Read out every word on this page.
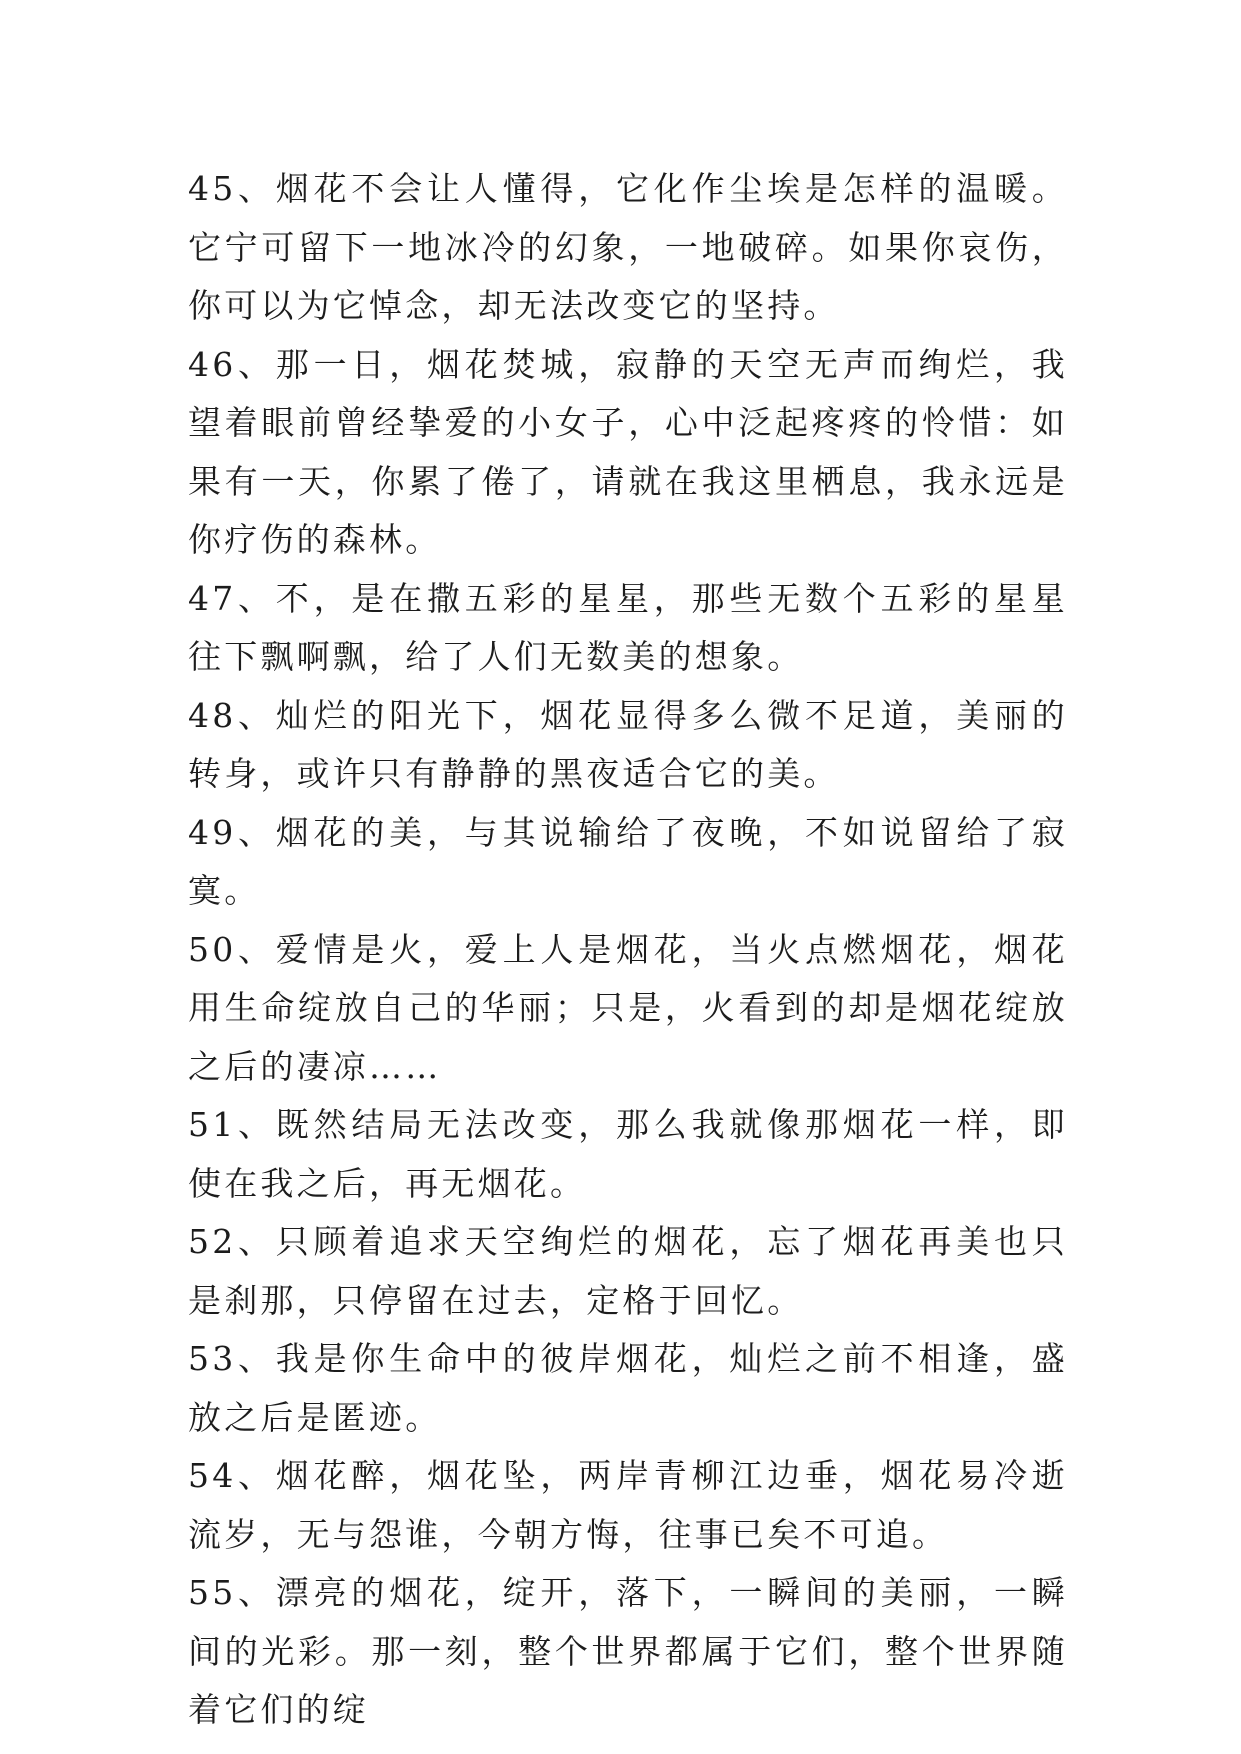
45、烟花不会让人懂得，它化作尘埃是怎样的温暖。它宁可留下一地冰冷的幻象，一地破碎。如果你哀伤，你可以为它悼念，却无法改变它的坚持。

46、那一日，烟花焚城，寂静的天空无声而绚烂，我望着眼前曾经挚爱的小女子，心中泛起疼疼的怜惜：如果有一天，你累了倦了，请就在我这里栖息，我永远是你疗伤的森林。

47、不，是在撒五彩的星星，那些无数个五彩的星星往下飘啊飘，给了人们无数美的想象。

48、灿烂的阳光下，烟花显得多么微不足道，美丽的转身，或许只有静静的黑夜适合它的美。

49、烟花的美，与其说输给了夜晚，不如说留给了寂寞。

50、爱情是火，爱上人是烟花，当火点燃烟花，烟花用生命绽放自己的华丽；只是，火看到的却是烟花绽放之后的凄凉……

51、既然结局无法改变，那么我就像那烟花一样，即使在我之后，再无烟花。

52、只顾着追求天空绚烂的烟花，忘了烟花再美也只是刹那，只停留在过去，定格于回忆。

53、我是你生命中的彼岸烟花，灿烂之前不相逢，盛放之后是匿迹。

54、烟花醉，烟花坠，两岸青柳江边垂，烟花易冷逝流岁，无与怨谁，今朝方悔，往事已矣不可追。

55、漂亮的烟花，绽开，落下，一瞬间的美丽，一瞬间的光彩。那一刻，整个世界都属于它们，整个世界随着它们的绽
